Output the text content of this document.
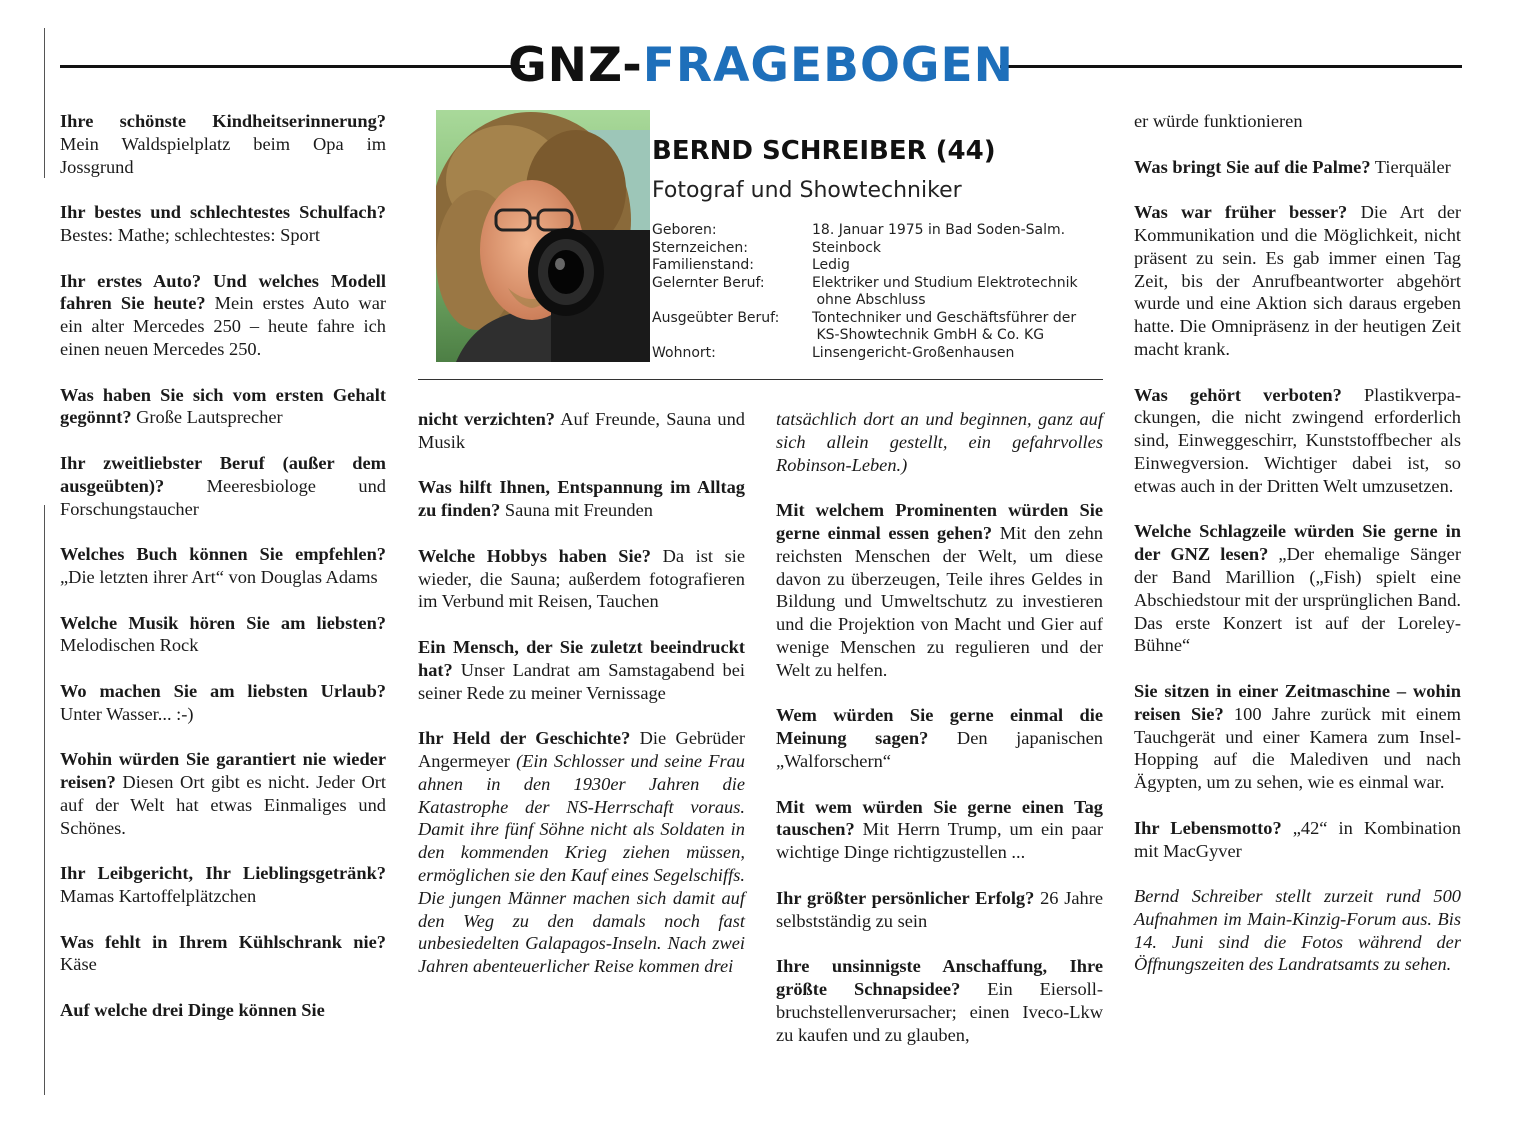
GNZ-FRAGEBOGEN

Ihre schönste Kindheitserinnerung? Mein Waldspielplatz beim Opa im Jossgrund

Ihr bestes und schlechtestes Schulfach? Bestes: Mathe; schlechtestes: Sport

Ihr erstes Auto? Und welches Modell fahren Sie heute? Mein erstes Auto war ein alter Mercedes 250 – heute fahre ich einen neuen Mercedes 250.

Was haben Sie sich vom ersten Gehalt gegönnt? Große Lautsprecher

Ihr zweitliebster Beruf (außer dem ausgeübten)? Meeresbiologe und Forschungstaucher

Welches Buch können Sie empfehlen? „Die letzten ihrer Art“ von Douglas Adams

Welche Musik hören Sie am liebsten? Melodischen Rock

Wo machen Sie am liebsten Urlaub? Unter Wasser... :-)

Wohin würden Sie garantiert nie wieder reisen? Diesen Ort gibt es nicht. Jeder Ort auf der Welt hat etwas Einmaliges und Schönes.

Ihr Leibgericht, Ihr Lieblingsgetränk? Mamas Kartoffelplätzchen

Was fehlt in Ihrem Kühlschrank nie? Käse

Auf welche drei Dinge können Sie

BERND SCHREIBER (44)
Fotograf und Showtechniker
Geboren:	18. Januar 1975 in Bad Soden-Salm.
Sternzeichen:	Steinbock
Familienstand:	Ledig
Gelernter Beruf:	Elektriker und Studium Elektrotechnik
ohne Abschluss
Ausgeübter Beruf:	Tontechniker und Geschäftsführer der
KS-Showtechnik GmbH & Co. KG
Wohnort:	Linsengericht-Großenhausen

nicht verzichten? Auf Freunde, Sauna und Musik

Was hilft Ihnen, Entspannung im Alltag zu finden? Sauna mit Freunden

Welche Hobbys haben Sie? Da ist sie wieder, die Sauna; außerdem fotografieren im Verbund mit Reisen, Tauchen

Ein Mensch, der Sie zuletzt beeindruckt hat? Unser Landrat am Samstagabend bei seiner Rede zu meiner Vernissage

Ihr Held der Geschichte? Die Gebrüder Angermeyer (Ein Schlosser und seine Frau ahnen in den 1930er Jahren die Katastrophe der NS-Herrschaft voraus. Damit ihre fünf Söhne nicht als Soldaten in den kommenden Krieg ziehen müssen, ermöglichen sie den Kauf eines Segelschiffs. Die jungen Männer machen sich damit auf den Weg zu den damals noch fast unbesiedelten Galapagos-Inseln. Nach zwei Jahren abenteuerlicher Reise kommen drei

tatsächlich dort an und beginnen, ganz auf sich allein gestellt, ein gefahrvolles Robinson-Leben.)

Mit welchem Prominenten würden Sie gerne einmal essen gehen? Mit den zehn reichsten Menschen der Welt, um diese davon zu überzeugen, Teile ihres Geldes in Bildung und Umweltschutz zu investieren und die Projektion von Macht und Gier auf wenige Menschen zu regulieren und der Welt zu helfen.

Wem würden Sie gerne einmal die Meinung sagen? Den japanischen „Walforschern“

Mit wem würden Sie gerne einen Tag tauschen? Mit Herrn Trump, um ein paar wichtige Dinge richtigzustellen ...

Ihr größter persönlicher Erfolg? 26 Jahre selbstständig zu sein

Ihre unsinnigste Anschaffung, Ihre größte Schnapsidee? Ein Eiersollbruchstellenverursacher; einen Iveco-Lkw zu kaufen und zu glauben,

er würde funktionieren

Was bringt Sie auf die Palme? Tierquäler

Was war früher besser? Die Art der Kommunikation und die Möglichkeit, nicht präsent zu sein. Es gab immer einen Tag Zeit, bis der Anrufbeantworter abgehört wurde und eine Aktion sich daraus ergeben hatte. Die Omnipräsenz in der heutigen Zeit macht krank.

Was gehört verboten? Plastikverpackungen, die nicht zwingend erforderlich sind, Einweggeschirr, Kunststoffbecher als Einwegversion. Wichtiger dabei ist, so etwas auch in der Dritten Welt umzusetzen.

Welche Schlagzeile würden Sie gerne in der GNZ lesen? „Der ehemalige Sänger der Band Marillion („Fish) spielt eine Abschiedstour mit der ursprünglichen Band. Das erste Konzert ist auf der Loreley-Bühne“

Sie sitzen in einer Zeitmaschine – wohin reisen Sie? 100 Jahre zurück mit einem Tauchgerät und einer Kamera zum Insel-Hopping auf die Malediven und nach Ägypten, um zu sehen, wie es einmal war.

Ihr Lebensmotto? „42“ in Kombination mit MacGyver

Bernd Schreiber stellt zurzeit rund 500 Aufnahmen im Main-Kinzig-Forum aus. Bis 14. Juni sind die Fotos während der Öffnungszeiten des Landratsamts zu sehen.
